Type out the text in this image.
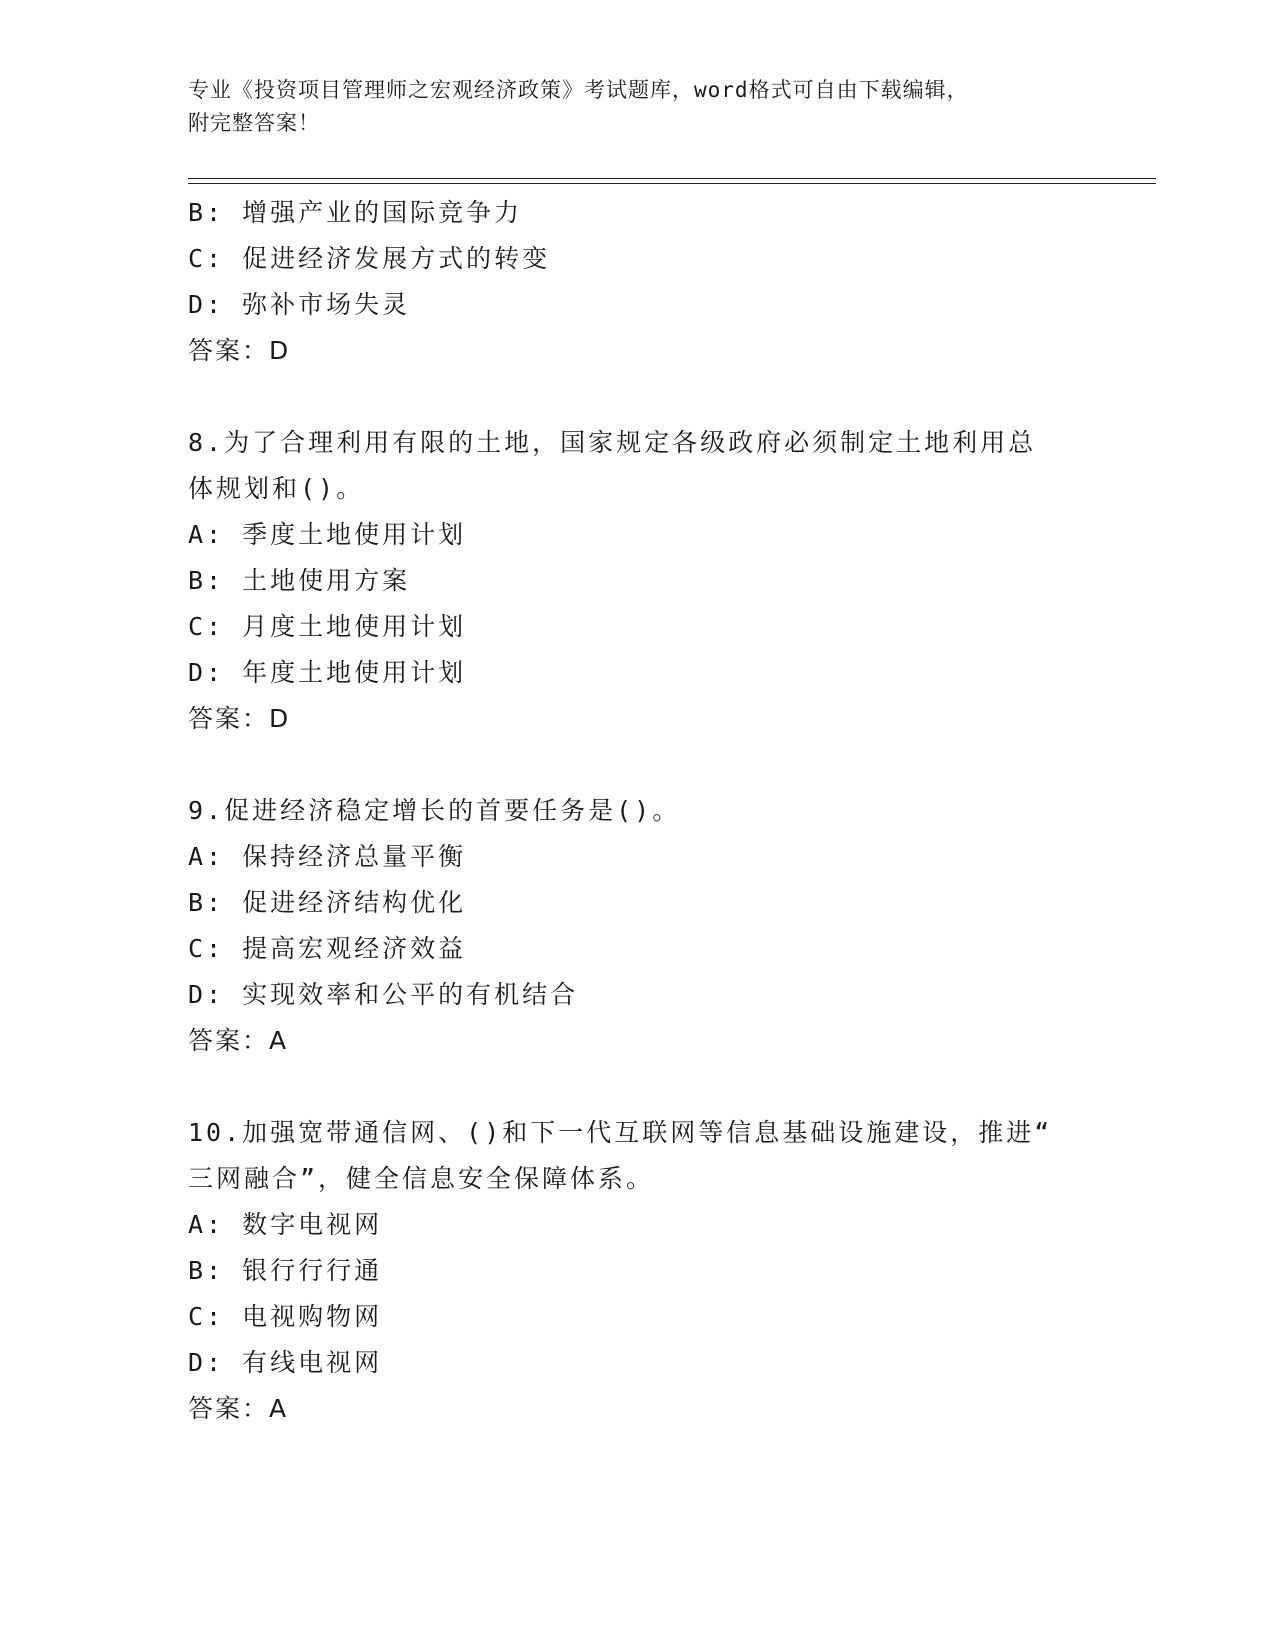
专业《投资项目管理师之宏观经济政策》考试题库，word格式可自由下载编辑，
附完整答案！
B: 增强产业的国际竞争力
C: 促进经济发展方式的转变
D: 弥补市场失灵
答案：D
8.为了合理利用有限的土地，国家规定各级政府必须制定土地利用总
体规划和()。
A: 季度土地使用计划
B: 土地使用方案
C: 月度土地使用计划
D: 年度土地使用计划
答案：D
9.促进经济稳定增长的首要任务是()。
A: 保持经济总量平衡
B: 促进经济结构优化
C: 提高宏观经济效益
D: 实现效率和公平的有机结合
答案：A
10.加强宽带通信网、()和下一代互联网等信息基础设施建设，推进“
三网融合”，健全信息安全保障体系。
A: 数字电视网
B: 银行行行通
C: 电视购物网
D: 有线电视网
答案：A
